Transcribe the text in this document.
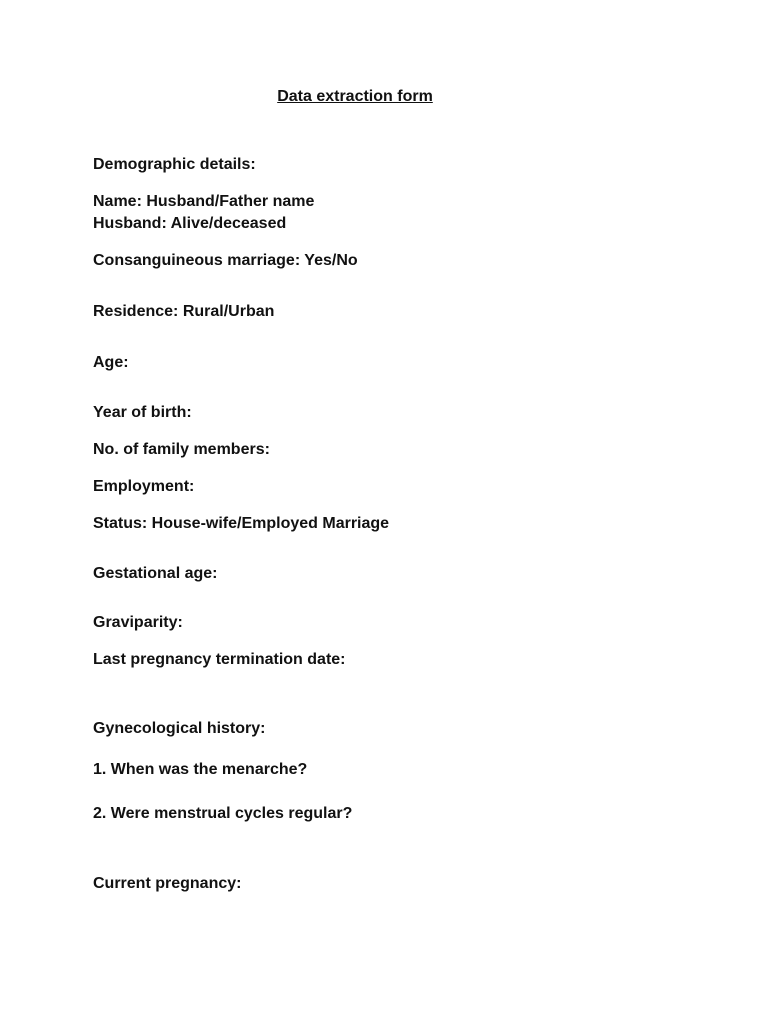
Data extraction form
Demographic details:
Name: Husband/Father name
Husband: Alive/deceased
Consanguineous marriage: Yes/No
Residence: Rural/Urban
Age:
Year of birth:
No. of family members:
Employment:
Status: House-wife/Employed Marriage
Gestational age:
Graviparity:
Last pregnancy termination date:
Gynecological history:
1. When was the menarche?
2. Were menstrual cycles regular?
Current pregnancy:
